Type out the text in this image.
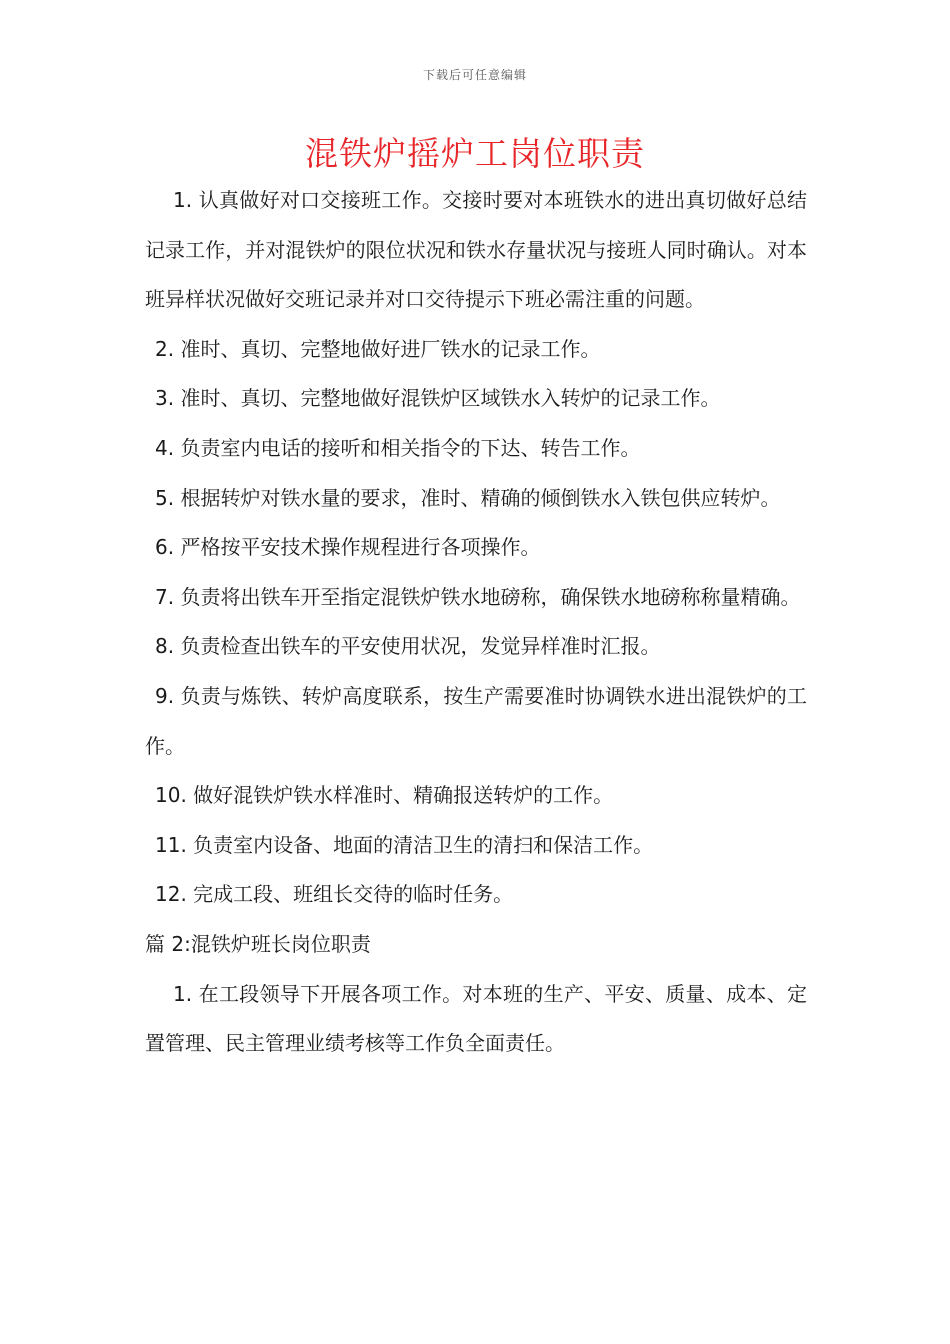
下载后可任意编辑
混铁炉摇炉工岗位职责

1. 认真做好对口交接班工作。交接时要对本班铁水的进出真切做好总结记录工作，并对混铁炉的限位状况和铁水存量状况与接班人同时确认。对本班异样状况做好交班记录并对口交待提示下班必需注重的问题。

2. 准时、真切、完整地做好进厂铁水的记录工作。

3. 准时、真切、完整地做好混铁炉区域铁水入转炉的记录工作。

4. 负责室内电话的接听和相关指令的下达、转告工作。

5. 根据转炉对铁水量的要求，准时、精确的倾倒铁水入铁包供应转炉。

6. 严格按平安技术操作规程进行各项操作。

7. 负责将出铁车开至指定混铁炉铁水地磅称，确保铁水地磅称称量精确。

8. 负责检查出铁车的平安使用状况，发觉异样准时汇报。

9. 负责与炼铁、转炉高度联系，按生产需要准时协调铁水进出混铁炉的工作。

10. 做好混铁炉铁水样准时、精确报送转炉的工作。

11. 负责室内设备、地面的清洁卫生的清扫和保洁工作。

12. 完成工段、班组长交待的临时任务。

篇 2:混铁炉班长岗位职责

1. 在工段领导下开展各项工作。对本班的生产、平安、质量、成本、定置管理、民主管理业绩考核等工作负全面责任。
